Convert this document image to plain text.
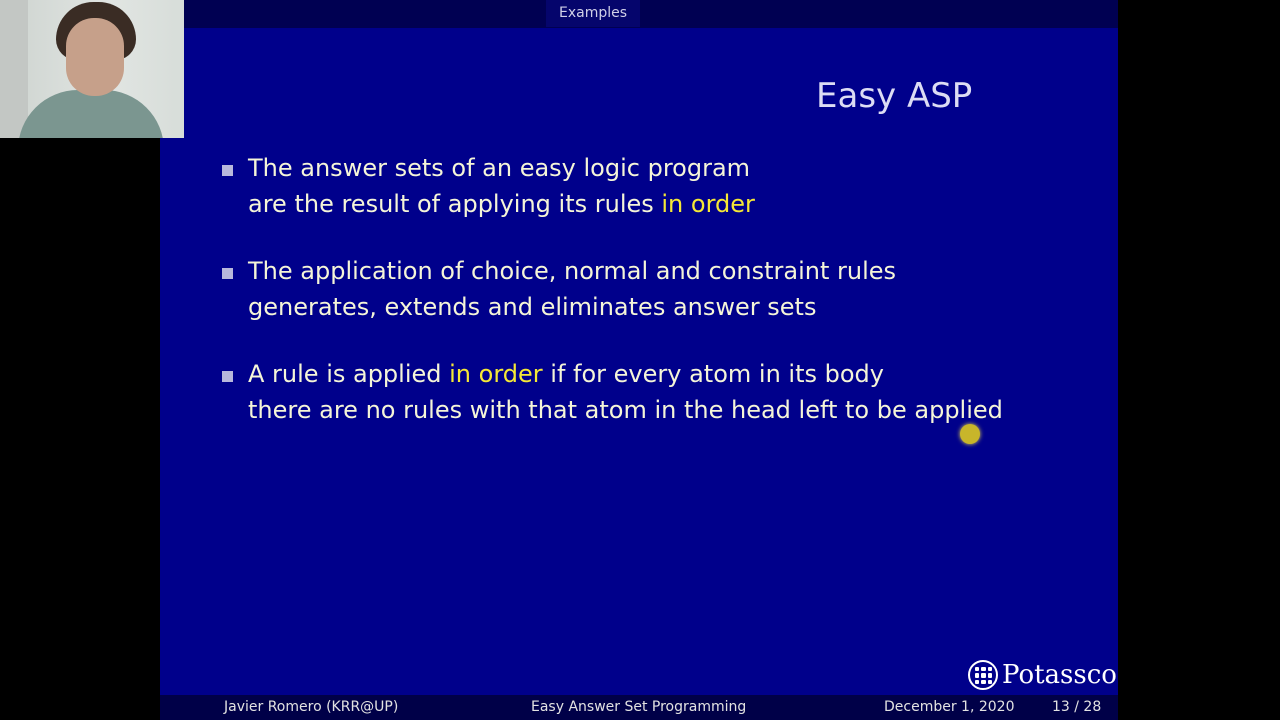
Examples
Easy ASP
The answer sets of an easy logic program
are the result of applying its rules in order
The application of choice, normal and constraint rules
generates, extends and eliminates answer sets
A rule is applied in order if for every atom in its body
there are no rules with that atom in the head left to be applied
Potassco
Javier Romero (KRR@UP)	Easy Answer Set Programming	December 1, 2020	13 / 28
